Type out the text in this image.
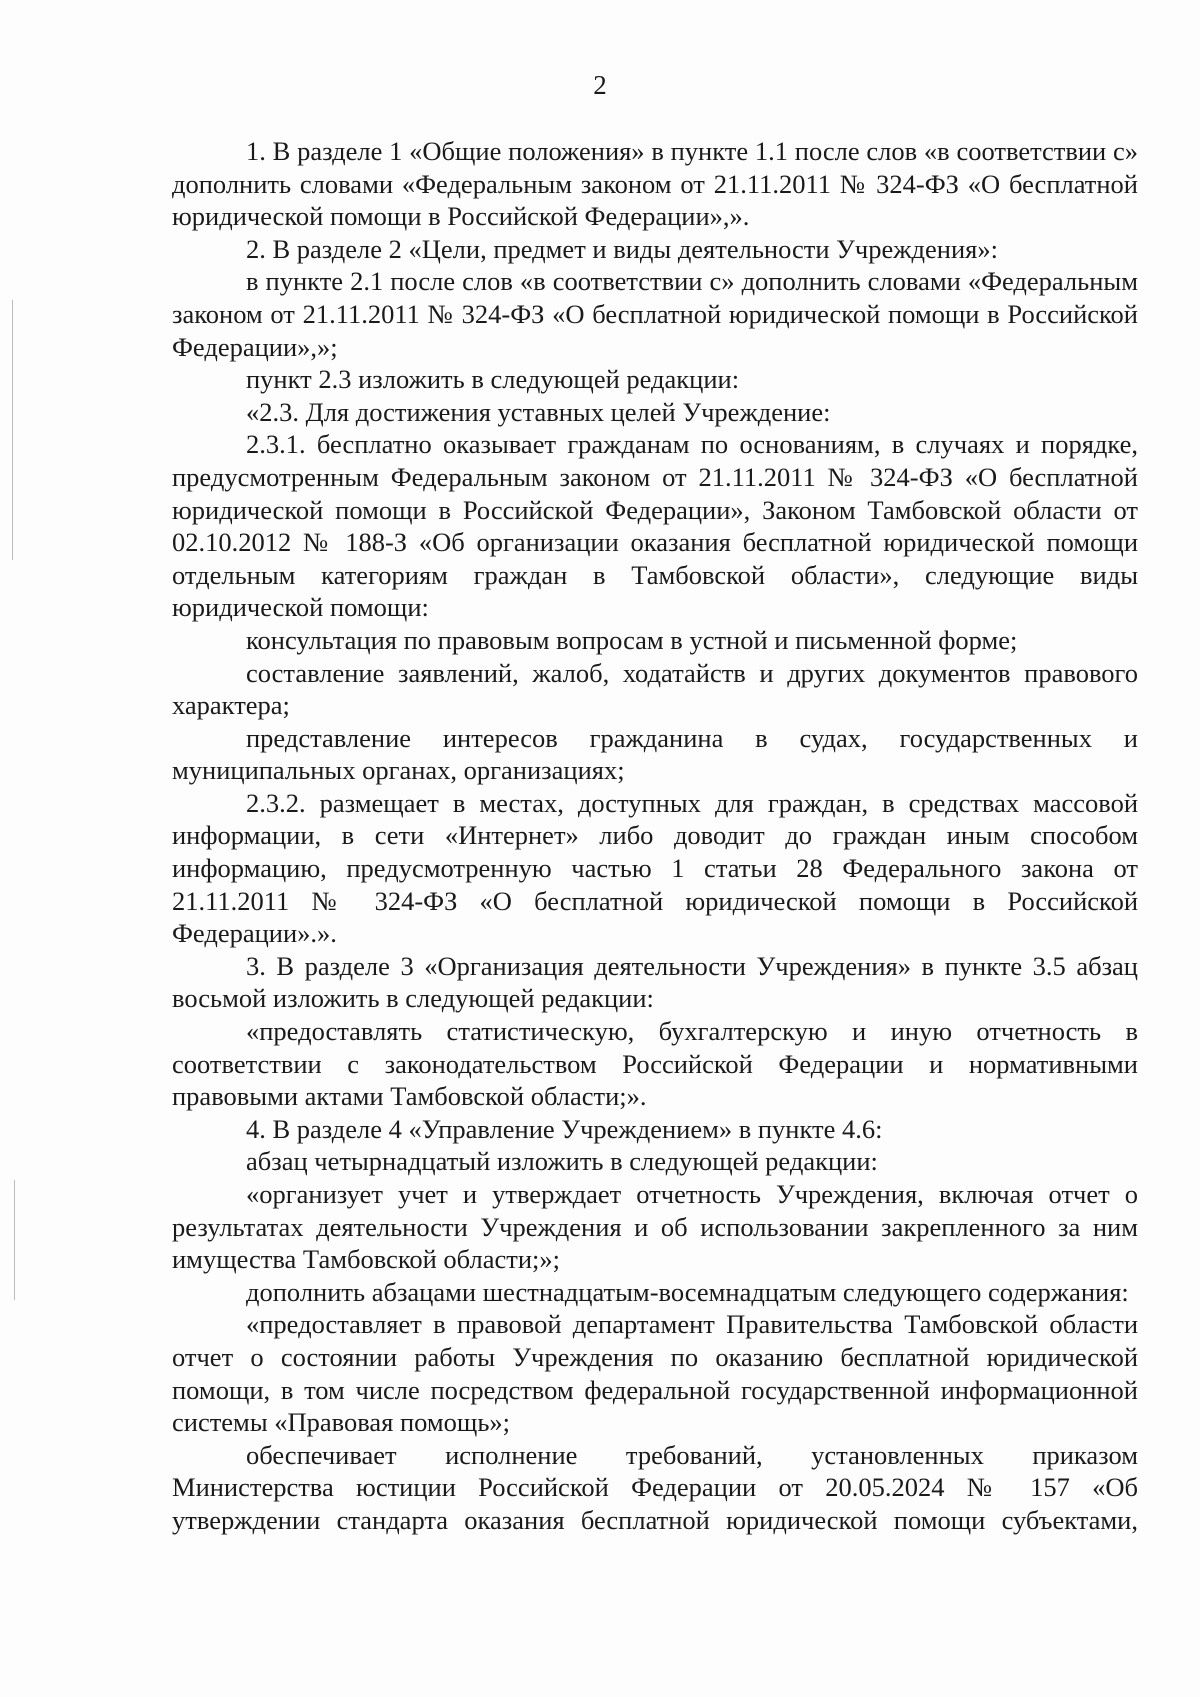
2

1. В разделе 1 «Общие положения» в пункте 1.1 после слов «в соответствии с» дополнить словами «Федеральным законом от 21.11.2011 № 324-ФЗ «О бесплатной юридической помощи в Российской Федерации»,».

2. В разделе 2 «Цели, предмет и виды деятельности Учреждения»:

в пункте 2.1 после слов «в соответствии с» дополнить словами «Федеральным законом от 21.11.2011 № 324-ФЗ «О бесплатной юридической помощи в Российской Федерации»,»;

пункт 2.3 изложить в следующей редакции:

«2.3. Для достижения уставных целей Учреждение:

2.3.1. бесплатно оказывает гражданам по основаниям, в случаях и порядке, предусмотренным Федеральным законом от 21.11.2011 № 324-ФЗ «О бесплатной юридической помощи в Российской Федерации», Законом Тамбовской области от 02.10.2012 № 188-З «Об организации оказания бесплатной юридической помощи отдельным категориям граждан в Тамбовской области», следующие виды юридической помощи:

консультация по правовым вопросам в устной и письменной форме;

составление заявлений, жалоб, ходатайств и других документов правового характера;

представление интересов гражданина в судах, государственных и муниципальных органах, организациях;

2.3.2. размещает в местах, доступных для граждан, в средствах массовой информации, в сети «Интернет» либо доводит до граждан иным способом информацию, предусмотренную частью 1 статьи 28 Федерального закона от 21.11.2011 № 324-ФЗ «О бесплатной юридической помощи в Российской Федерации».».

3. В разделе 3 «Организация деятельности Учреждения» в пункте 3.5 абзац восьмой изложить в следующей редакции:

«предоставлять статистическую, бухгалтерскую и иную отчетность в соответствии с законодательством Российской Федерации и нормативными правовыми актами Тамбовской области;».

4. В разделе 4 «Управление Учреждением» в пункте 4.6:

абзац четырнадцатый изложить в следующей редакции:

«организует учет и утверждает отчетность Учреждения, включая отчет о результатах деятельности Учреждения и об использовании закрепленного за ним имущества Тамбовской области;»;

дополнить абзацами шестнадцатым-восемнадцатым следующего содержания:

«предоставляет в правовой департамент Правительства Тамбовской области отчет о состоянии работы Учреждения по оказанию бесплатной юридической помощи, в том числе посредством федеральной государственной информационной системы «Правовая помощь»;

обеспечивает исполнение требований, установленных приказом Министерства юстиции Российской Федерации от 20.05.2024 № 157 «Об утверждении стандарта оказания бесплатной юридической помощи субъектами,
